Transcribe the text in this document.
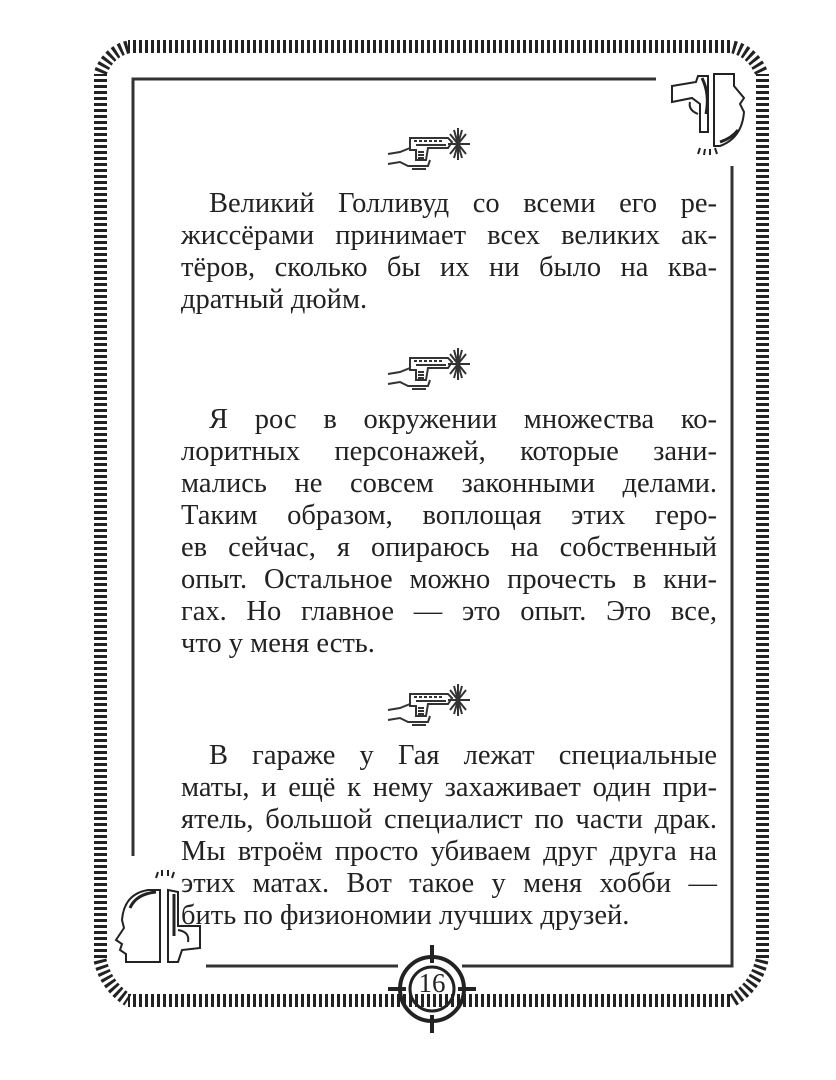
Великий Голливуд со всеми его ре-
жиссёрами принимает всех великих ак-
тёров, сколько бы их ни было на ква-
дратный дюйм.
Я рос в окружении множества ко-
лоритных персонажей, которые зани-
мались не совсем законными делами.
Таким образом, воплощая этих геро-
ев сейчас, я опираюсь на собственный
опыт. Остальное можно прочесть в кни-
гах. Но главное — это опыт. Это все,
что у меня есть.
В гараже у Гая лежат специальные
маты, и ещё к нему захаживает один при-
ятель, большой специалист по части драк.
Мы втроём просто убиваем друг друга на
этих матах. Вот такое у меня хобби —
бить по физиономии лучших друзей.
16
